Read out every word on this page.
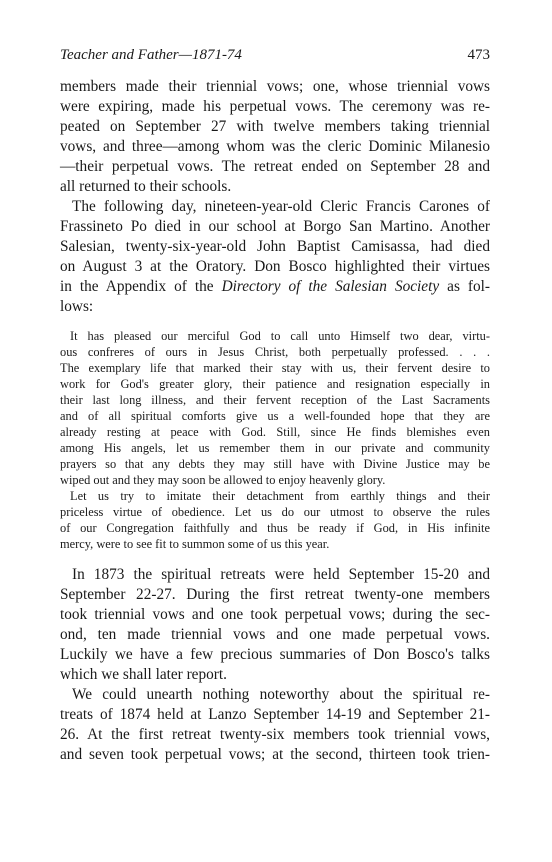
Teacher and Father—1871-74	473
members made their triennial vows; one, whose triennial vows
were expiring, made his perpetual vows. The ceremony was re-
peated on September 27 with twelve members taking triennial
vows, and three—among whom was the cleric Dominic Milanesio
—their perpetual vows. The retreat ended on September 28 and
all returned to their schools.
The following day, nineteen-year-old Cleric Francis Carones of
Frassineto Po died in our school at Borgo San Martino. Another
Salesian, twenty-six-year-old John Baptist Camisassa, had died
on August 3 at the Oratory. Don Bosco highlighted their virtues
in the Appendix of the Directory of the Salesian Society as fol-
lows:
It has pleased our merciful God to call unto Himself two dear, virtu-
ous confreres of ours in Jesus Christ, both perpetually professed. . . .
The exemplary life that marked their stay with us, their fervent desire to
work for God's greater glory, their patience and resignation especially in
their last long illness, and their fervent reception of the Last Sacraments
and of all spiritual comforts give us a well-founded hope that they are
already resting at peace with God. Still, since He finds blemishes even
among His angels, let us remember them in our private and community
prayers so that any debts they may still have with Divine Justice may be
wiped out and they may soon be allowed to enjoy heavenly glory.
Let us try to imitate their detachment from earthly things and their
priceless virtue of obedience. Let us do our utmost to observe the rules
of our Congregation faithfully and thus be ready if God, in His infinite
mercy, were to see fit to summon some of us this year.
In 1873 the spiritual retreats were held September 15-20 and
September 22-27. During the first retreat twenty-one members
took triennial vows and one took perpetual vows; during the sec-
ond, ten made triennial vows and one made perpetual vows.
Luckily we have a few precious summaries of Don Bosco's talks
which we shall later report.
We could unearth nothing noteworthy about the spiritual re-
treats of 1874 held at Lanzo September 14-19 and September 21-
26. At the first retreat twenty-six members took triennial vows,
and seven took perpetual vows; at the second, thirteen took trien-
